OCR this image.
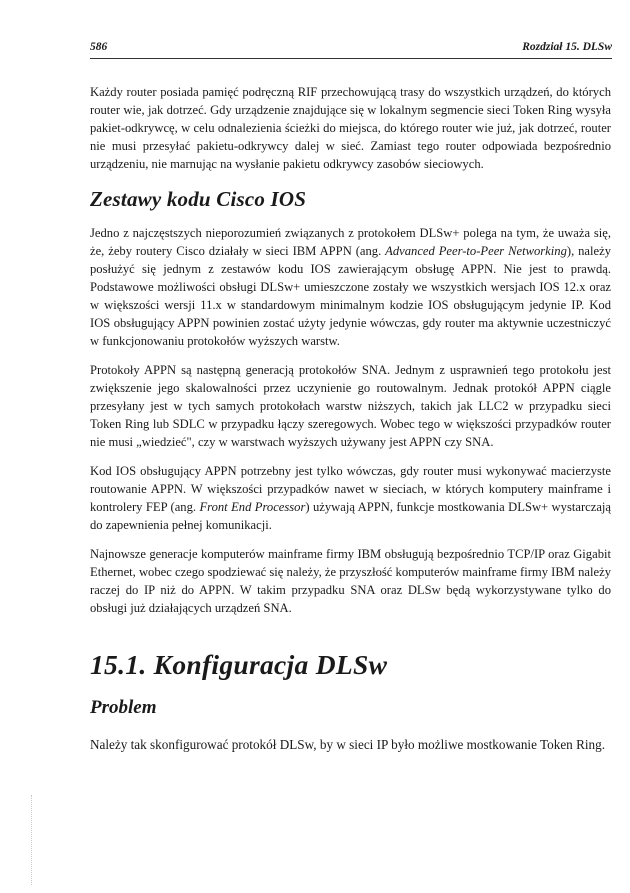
586	Rozdział 15. DLSw

Każdy router posiada pamięć podręczną RIF przechowującą trasy do wszystkich urządzeń, do których router wie, jak dotrzeć. Gdy urządzenie znajdujące się w lokalnym segmencie sieci Token Ring wysyła pakiet-odkrywcę, w celu odnalezienia ścieżki do miejsca, do którego router wie już, jak dotrzeć, router nie musi przesyłać pakietu-odkrywcy dalej w sieć. Zamiast tego router odpowiada bezpośrednio urządzeniu, nie marnując na wysłanie pakietu odkrywcy zasobów sieciowych.

Zestawy kodu Cisco IOS

Jedno z najczęstszych nieporozumień związanych z protokołem DLSw+ polega na tym, że uważa się, że, żeby routery Cisco działały w sieci IBM APPN (ang. Advanced Peer-to-Peer Networking), należy posłużyć się jednym z zestawów kodu IOS zawierającym obsługę APPN. Nie jest to prawdą. Podstawowe możliwości obsługi DLSw+ umieszczone zostały we wszystkich wersjach IOS 12.x oraz w większości wersji 11.x w standardowym minimalnym kodzie IOS obsługującym jedynie IP. Kod IOS obsługujący APPN powinien zostać użyty jedynie wówczas, gdy router ma aktywnie uczestniczyć w funkcjonowaniu protokołów wyższych warstw.

Protokoły APPN są następną generacją protokołów SNA. Jednym z usprawnień tego protokołu jest zwiększenie jego skalowalności przez uczynienie go routowalnym. Jednak protokół APPN ciągle przesyłany jest w tych samych protokołach warstw niższych, takich jak LLC2 w przypadku sieci Token Ring lub SDLC w przypadku łączy szeregowych. Wobec tego w większości przypadków router nie musi „wiedzieć", czy w warstwach wyższych używany jest APPN czy SNA.

Kod IOS obsługujący APPN potrzebny jest tylko wówczas, gdy router musi wykonywać macierzyste routowanie APPN. W większości przypadków nawet w sieciach, w których komputery mainframe i kontrolery FEP (ang. Front End Processor) używają APPN, funkcje mostkowania DLSw+ wystarczają do zapewnienia pełnej komunikacji.

Najnowsze generacje komputerów mainframe firmy IBM obsługują bezpośrednio TCP/IP oraz Gigabit Ethernet, wobec czego spodziewać się należy, że przyszłość komputerów mainframe firmy IBM należy raczej do IP niż do APPN. W takim przypadku SNA oraz DLSw będą wykorzystywane tylko do obsługi już działających urządzeń SNA.

15.1. Konfiguracja DLSw
Problem

Należy tak skonfigurować protokół DLSw, by w sieci IP było możliwe mostkowanie Token Ring.
